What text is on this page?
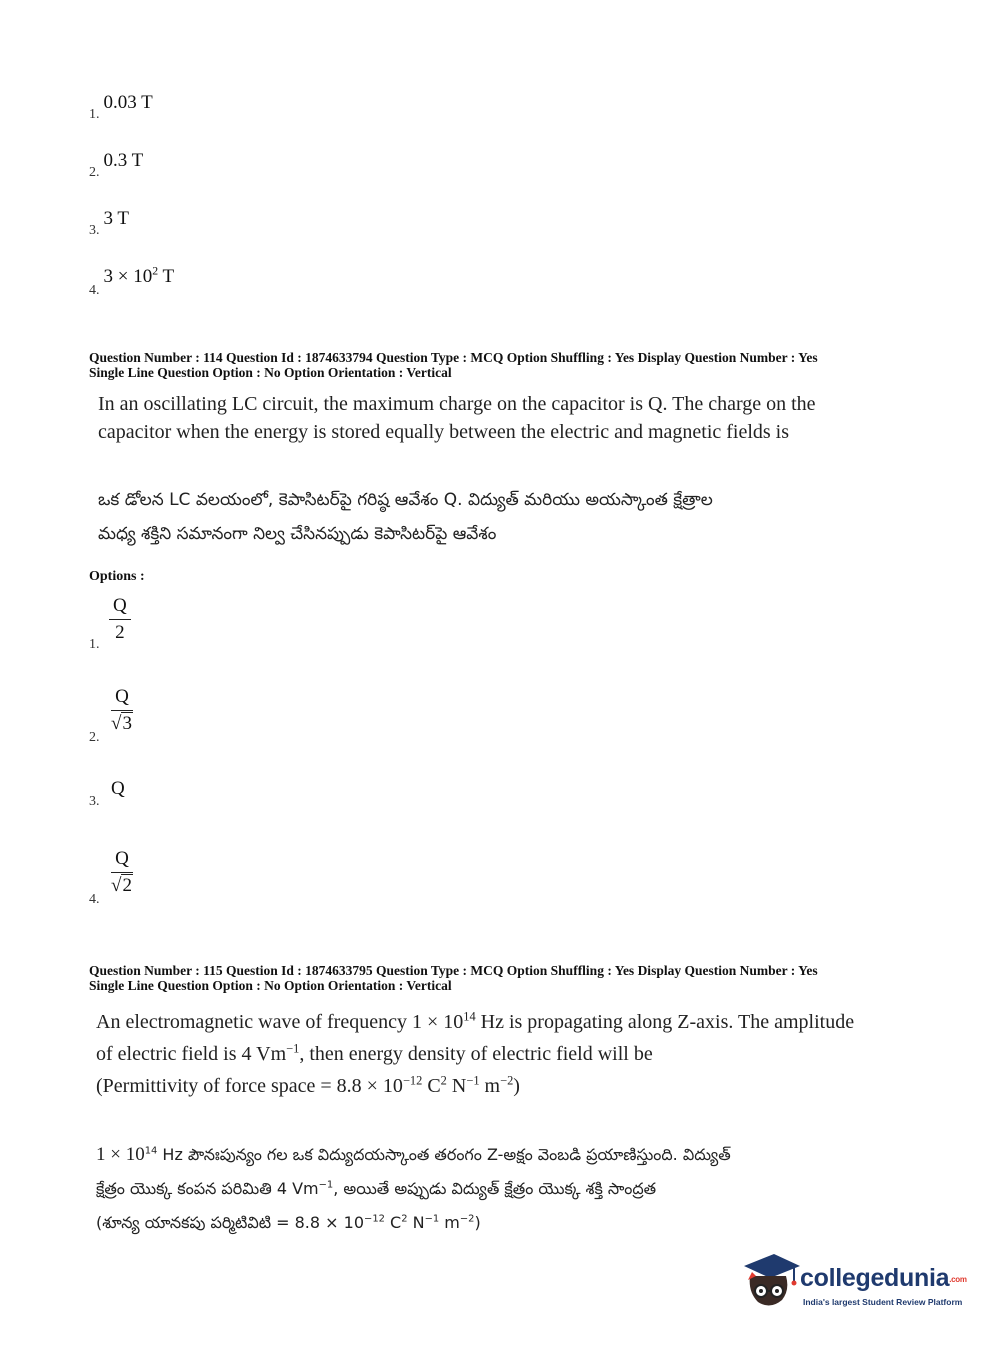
1. 0.03 T
2. 0.3 T
3. 3 T
4. $3 \times 10^2$ T
Question Number : 114 Question Id : 1874633794 Question Type : MCQ Option Shuffling : Yes Display Question Number : Yes
Single Line Question Option : No Option Orientation : Vertical
In an oscillating LC circuit, the maximum charge on the capacitor is Q. The charge on the
capacitor when the energy is stored equally between the electric and magnetic fields is
ఒక డోలన LC వలయంలో, కెపాసిటర్‌పై గరిష్ఠ ఆవేశం Q. విద్యుత్ మరియు అయస్కాంత క్షేత్రాల
మధ్య శక్తిని సమానంగా నిల్వ చేసినప్పుడు కెపాసిటర్‌పై ఆవేశం
Options :
1.
$\frac{Q}{2}$
2.
$\frac{Q}{√3}$
3.
Q
4.
$\frac{Q}{√2}$
Question Number : 115 Question Id : 1874633795 Question Type : MCQ Option Shuffling : Yes Display Question Number : Yes
Single Line Question Option : No Option Orientation : Vertical
An electromagnetic wave of frequency $1 \times 10^{14}$ Hz is propagating along Z-axis. The amplitude
of electric field is 4 $Vm^{-1}$, then energy density of electric field will be
(Permittivity of force space = $8.8 \times 10^{-12}$ $C^2$ $N^{-1}$ $m^{-2}$)
$1 \times 10^{14}$ Hz పౌనఃపున్యం గల ఒక విద్యుదయస్కాంత తరంగం Z-అక్షం వెంబడి ప్రయాణిస్తుంది. విద్యుత్
క్షేత్రం యొక్క కంపన పరిమితి 4 $Vm^{-1}$, అయితే అప్పుడు విద్యుత్ క్షేత్రం యొక్క శక్తి సాంద్రత
(శూన్య యానకపు పర్మిటివిటి = $8.8 \times 10^{-12}$ $C^2$ $N^{-1}$ $m^{-2}$)
collegedunia.com
India's largest Student Review Platform
